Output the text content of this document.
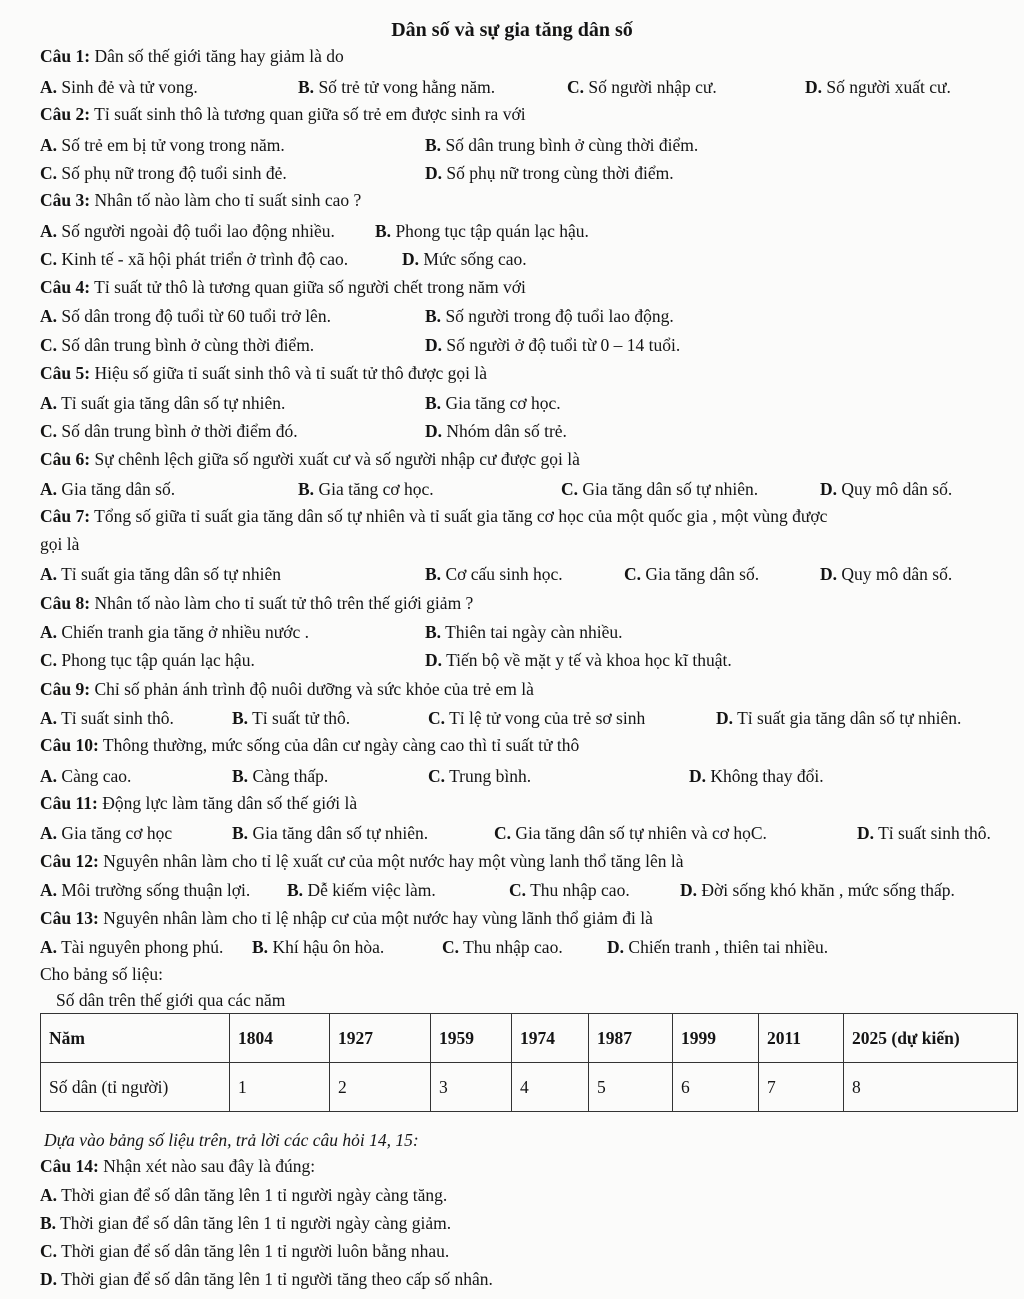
Dân số và sự gia tăng dân số
Câu 1: Dân số thế giới tăng hay giảm là do
A. Sinh đẻ và tử vong.	B. Số trẻ tử vong hằng năm.	C. Số người nhập cư.	D. Số người xuất cư.
Câu 2: Tỉ suất sinh thô là tương quan giữa số trẻ em được sinh ra với
A. Số trẻ em bị tử vong trong năm.	B. Số dân trung bình ở cùng thời điểm.
C. Số phụ nữ trong độ tuổi sinh đẻ.	D. Số phụ nữ trong cùng thời điểm.
Câu 3: Nhân tố nào làm cho tỉ suất sinh cao ?
A. Số người ngoài độ tuổi lao động nhiều. B. Phong tục tập quán lạc hậu.
C. Kinh tế - xã hội phát triển ở trình độ cao.	D. Mức sống cao.
Câu 4: Tỉ suất tử thô là tương quan giữa số người chết trong năm với
A. Số dân trong độ tuổi từ 60 tuổi trở lên.	B. Số người trong độ tuổi lao động.
C. Số dân trung bình ở cùng thời điểm.	D. Số người ở độ tuổi từ 0 – 14 tuổi.
Câu 5: Hiệu số giữa tỉ suất sinh thô và tỉ suất tử thô được gọi là
A. Tỉ suất gia tăng dân số tự nhiên.	B. Gia tăng cơ học.
C. Số dân trung bình ở thời điểm đó.	D. Nhóm dân số trẻ.
Câu 6: Sự chênh lệch giữa số người xuất cư và số người nhập cư được gọi là
A. Gia tăng dân số.	B. Gia tăng cơ học.	C. Gia tăng dân số tự nhiên.	D. Quy mô dân số.
Câu 7: Tổng số giữa tỉ suất gia tăng dân số tự nhiên và tỉ suất gia tăng cơ học của một quốc gia , một vùng được
gọi là
A. Tỉ suất gia tăng dân số tự nhiên	B. Cơ cấu sinh học.	C. Gia tăng dân số.	D. Quy mô dân số.
Câu 8: Nhân tố nào làm cho tỉ suất tử thô trên thế giới giảm ?
A. Chiến tranh gia tăng ở nhiều nước .	B. Thiên tai ngày càn nhiều.
C. Phong tục tập quán lạc hậu.	D. Tiến bộ về mặt y tế và khoa học kĩ thuật.
Câu 9: Chỉ số phản ánh trình độ nuôi dưỡng và sức khỏe của trẻ em là
A. Tỉ suất sinh thô.	B. Tỉ suất tử thô.	C. Tỉ lệ tử vong của trẻ sơ sinh	D. Tỉ suất gia tăng dân số tự nhiên.
Câu 10: Thông thường, mức sống của dân cư ngày càng cao thì tỉ suất tử thô
A. Càng cao.	B. Càng thấp.	C. Trung bình.	D. Không thay đổi.
Câu 11: Động lực làm tăng dân số thế giới là
A. Gia tăng cơ học	B. Gia tăng dân số tự nhiên.	C. Gia tăng dân số tự nhiên và cơ họC.	D. Tỉ suất sinh thô.
Câu 12: Nguyên nhân làm cho tỉ lệ xuất cư của một nước hay một vùng lanh thổ tăng lên là
A. Môi trường sống thuận lợi. B. Dễ kiếm việc làm.	C. Thu nhập cao.	D. Đời sống khó khăn , mức sống thấp.
Câu 13: Nguyên nhân làm cho tỉ lệ nhập cư của một nước hay vùng lãnh thổ giảm đi là
A. Tài nguyên phong phú. B. Khí hậu ôn hòa.	C. Thu nhập cao.	D. Chiến tranh , thiên tai nhiều.
Cho bảng số liệu:
Số dân trên thế giới qua các năm
Năm	1804	1927	1959	1974	1987	1999	2011	2025 (dự kiến)
Số dân (tỉ người)	1	2	3	4	5	6	7	8
Dựa vào bảng số liệu trên, trả lời các câu hỏi 14, 15:
Câu 14: Nhận xét nào sau đây là đúng:
A. Thời gian để số dân tăng lên 1 tỉ người ngày càng tăng.
B. Thời gian để số dân tăng lên 1 tỉ người ngày càng giảm.
C. Thời gian để số dân tăng lên 1 tỉ người luôn bằng nhau.
D. Thời gian để số dân tăng lên 1 tỉ người tăng theo cấp số nhân.
